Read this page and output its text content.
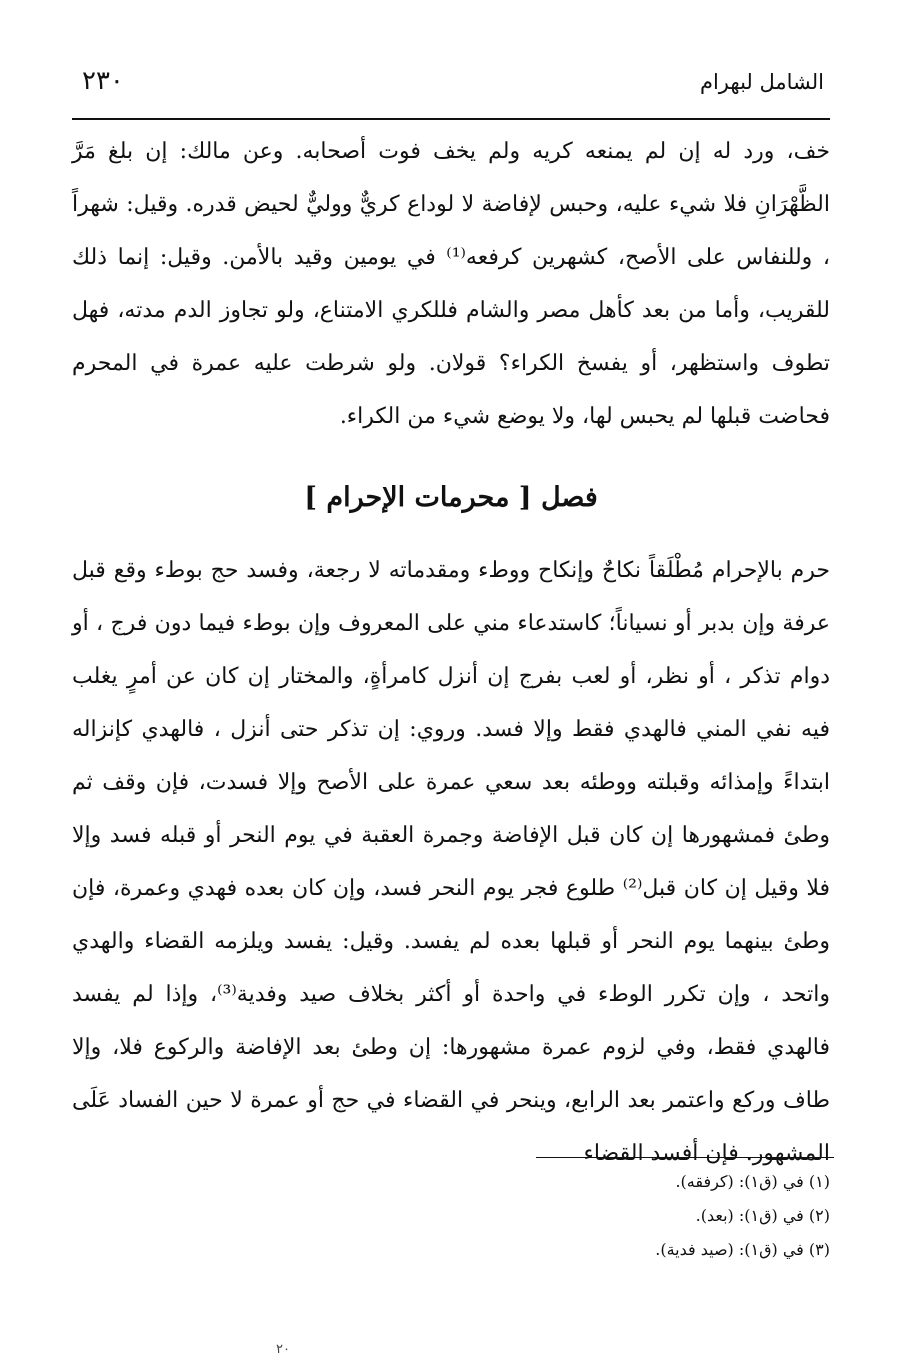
٢٣٠	الشامل لبهرام
خف، ورد له إن لم يمنعه كريه ولم يخف فوت أصحابه. وعن مالك: إن بلغ مَرَّ الظَّهْرَانِ فلا شيء عليه، وحبس لإفاضة لا لوداع كريٌّ ووليٌّ لحيض قدره. وقيل: شهراً ، وللنفاس على الأصح، كشهرين كرفعه⁽¹⁾ في يومين وقيد بالأمن. وقيل: إنما ذلك للقريب، وأما من بعد كأهل مصر والشام فللكري الامتناع، ولو تجاوز الدم مدته، فهل تطوف واستظهر، أو يفسخ الكراء؟ قولان. ولو شرطت عليه عمرة في المحرم فحاضت قبلها لم يحبس لها، ولا يوضع شيء من الكراء.
فصل [ محرمات الإحرام ]
حرم بالإحرام مُطْلَقاً نكاحٌ وإنكاح ووطء ومقدماته لا رجعة، وفسد حج بوطء وقع قبل عرفة وإن بدبر أو نسياناً؛ كاستدعاء مني على المعروف وإن بوطء فيما دون فرج ، أو دوام تذكر ، أو نظر، أو لعب بفرج إن أنزل كامرأةٍ، والمختار إن كان عن أمرٍ يغلب فيه نفي المني فالهدي فقط وإلا فسد. وروي: إن تذكر حتى أنزل ، فالهدي كإنزاله ابتداءً وإمذائه وقبلته ووطئه بعد سعي عمرة على الأصح وإلا فسدت، فإن وقف ثم وطئ فمشهورها إن كان قبل الإفاضة وجمرة العقبة في يوم النحر أو قبله فسد وإلا فلا وقيل إن كان قبل⁽²⁾ طلوع فجر يوم النحر فسد، وإن كان بعده فهدي وعمرة، فإن وطئ بينهما يوم النحر أو قبلها بعده لم يفسد. وقيل: يفسد ويلزمه القضاء والهدي واتحد ، وإن تكرر الوطء في واحدة أو أكثر بخلاف صيد وفدية⁽³⁾، وإذا لم يفسد فالهدي فقط، وفي لزوم عمرة مشهورها: إن وطئ بعد الإفاضة والركوع فلا، وإلا طاف وركع واعتمر بعد الرابع، وينحر في القضاء في حج أو عمرة لا حين الفساد عَلَى المشهور. فإن أفسد القضاء
(١) في (ق١): (كرفقه).
(٢) في (ق١): (بعد).
(٣) في (ق١): (صيد فدية).
٢٠
